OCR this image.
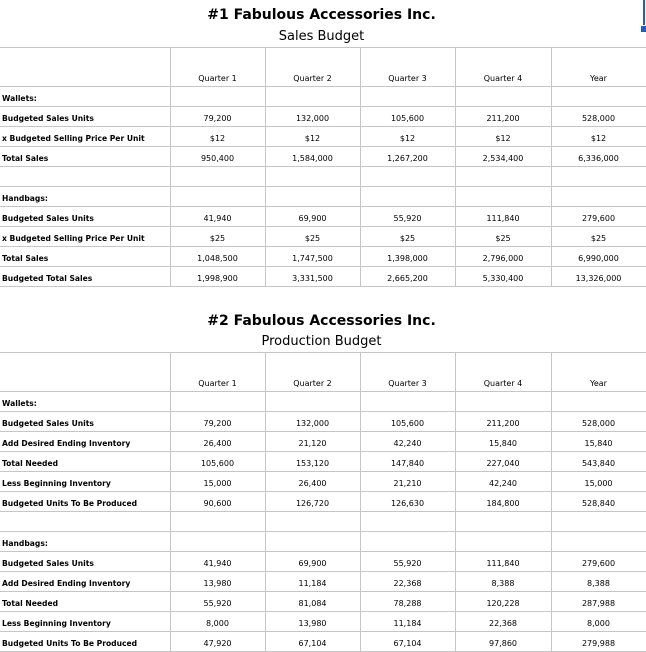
#1 Fabulous Accessories Inc.
Sales Budget
	Quarter 1	Quarter 2	Quarter 3	Quarter 4	Year
Wallets:					
Budgeted Sales Units	79,200	132,000	105,600	211,200	528,000
x Budgeted Selling Price Per Unit	$12	$12	$12	$12	$12
Total Sales	950,400	1,584,000	1,267,200	2,534,400	6,336,000

Handbags:					
Budgeted Sales Units	41,940	69,900	55,920	111,840	279,600
x Budgeted Selling Price Per Unit	$25	$25	$25	$25	$25
Total Sales	1,048,500	1,747,500	1,398,000	2,796,000	6,990,000
Budgeted Total Sales	1,998,900	3,331,500	2,665,200	5,330,400	13,326,000
#2 Fabulous Accessories Inc.
Production Budget
	Quarter 1	Quarter 2	Quarter 3	Quarter 4	Year
Wallets:					
Budgeted Sales Units	79,200	132,000	105,600	211,200	528,000
Add Desired Ending Inventory	26,400	21,120	42,240	15,840	15,840
Total Needed	105,600	153,120	147,840	227,040	543,840
Less Beginning Inventory	15,000	26,400	21,210	42,240	15,000
Budgeted Units To Be Produced	90,600	126,720	126,630	184,800	528,840

Handbags:					
Budgeted Sales Units	41,940	69,900	55,920	111,840	279,600
Add Desired Ending Inventory	13,980	11,184	22,368	8,388	8,388
Total Needed	55,920	81,084	78,288	120,228	287,988
Less Beginning Inventory	8,000	13,980	11,184	22,368	8,000
Budgeted Units To Be Produced	47,920	67,104	67,104	97,860	279,988
